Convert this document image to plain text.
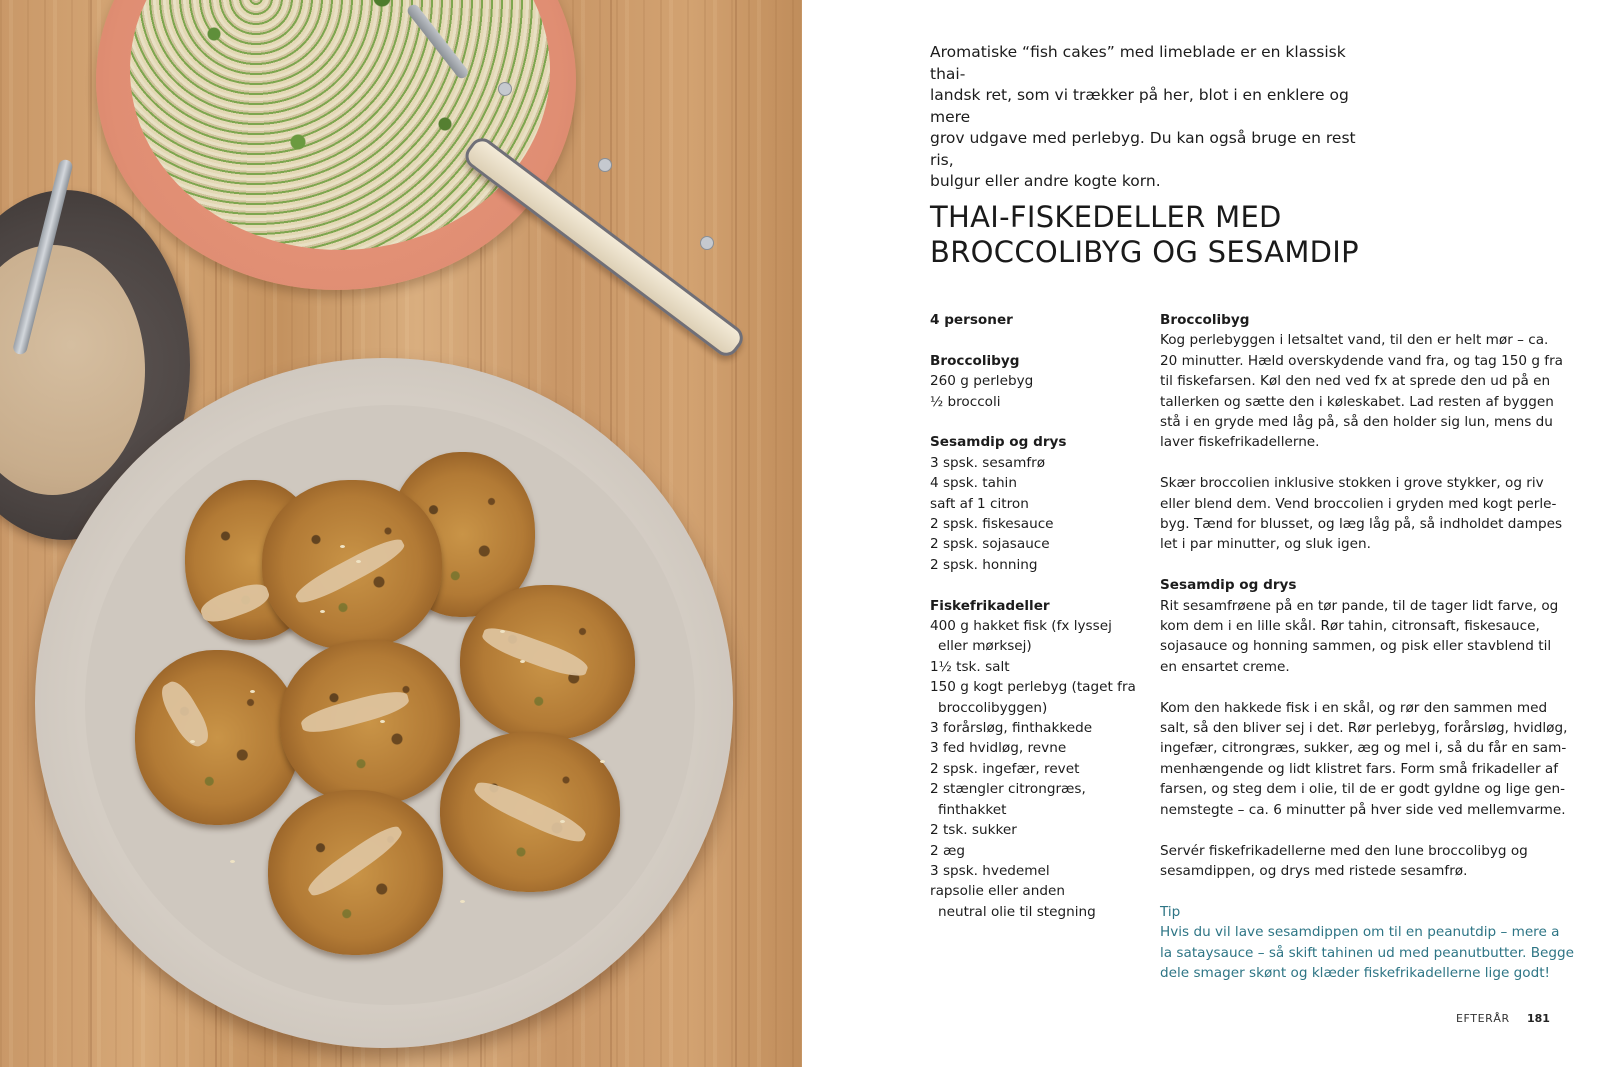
Aromatiske “fish cakes” med limeblade er en klassisk thai-
landsk ret, som vi trækker på her, blot i en enklere og mere
grov udgave med perlebyg. Du kan også bruge en rest ris,
bulgur eller andre kogte korn.
THAI-FISKEDELLER MED
BROCCOLIBYG OG SESAMDIP
4 personer
Broccolibyg
260 g perlebyg
½ broccoli
Sesamdip og drys
3 spsk. sesamfrø
4 spsk. tahin
saft af 1 citron
2 spsk. fiskesauce
2 spsk. sojasauce
2 spsk. honning
Fiskefrikadeller
400 g hakket fisk (fx lyssej
eller mørksej)
1½ tsk. salt
150 g kogt perlebyg (taget fra
broccolibyggen)
3 forårsløg, finthakkede
3 fed hvidløg, revne
2 spsk. ingefær, revet
2 stængler citrongræs,
finthakket
2 tsk. sukker
2 æg
3 spsk. hvedemel
rapsolie eller anden
neutral olie til stegning
Broccolibyg
Kog perlebyggen i letsaltet vand, til den er helt mør – ca.
20 minutter. Hæld overskydende vand fra, og tag 150 g fra
til fiskefarsen. Køl den ned ved fx at sprede den ud på en
tallerken og sætte den i køleskabet. Lad resten af byggen
stå i en gryde med låg på, så den holder sig lun, mens du
laver fiskefrikadellerne.
Skær broccolien inklusive stokken i grove stykker, og riv
eller blend dem. Vend broccolien i gryden med kogt perle-
byg. Tænd for blusset, og læg låg på, så indholdet dampes
let i par minutter, og sluk igen.
Sesamdip og drys
Rit sesamfrøene på en tør pande, til de tager lidt farve, og
kom dem i en lille skål. Rør tahin, citronsaft, fiskesauce,
sojasauce og honning sammen, og pisk eller stavblend til
en ensartet creme.
Kom den hakkede fisk i en skål, og rør den sammen med
salt, så den bliver sej i det. Rør perlebyg, forårsløg, hvidløg,
ingefær, citrongræs, sukker, æg og mel i, så du får en sam-
menhængende og lidt klistret fars. Form små frikadeller af
farsen, og steg dem i olie, til de er godt gyldne og lige gen-
nemstegte – ca. 6 minutter på hver side ved mellemvarme.
Servér fiskefrikadellerne med den lune broccolibyg og
sesamdippen, og drys med ristede sesamfrø.
Tip
Hvis du vil lave sesamdippen om til en peanutdip – mere a
la sataysauce – så skift tahinen ud med peanutbutter. Begge
dele smager skønt og klæder fiskefrikadellerne lige godt!
EFTERÅR 181
